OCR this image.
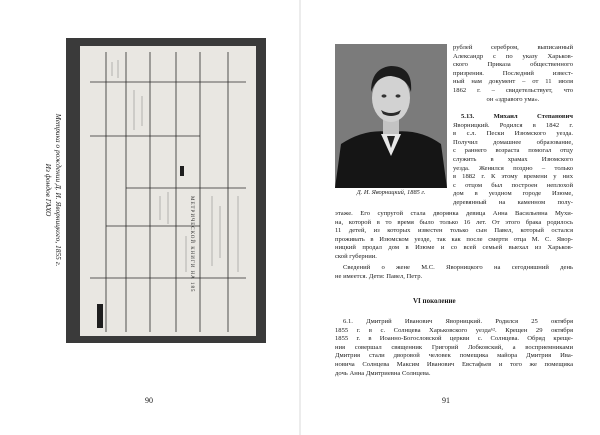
Метрика о рождении Д. И. Яворницкого, 1855 г.
Из фондов ГАХО
МЕТРИЧЕСКОЙ КНИГИ НА 185
90
Д. И. Яворницкий, 1885 г.

рублей серебром, выписанный

Александр с по указу Харьков-

ского Приказа общественного

призрения. Последний извест-

ный нам документ – от 11 июля

1862 г. – свидетельствует, что

он «здравого ума».

5.13. Михаил Степанович

Яворницкий. Родился в 1842 г.

в с.л. Пески Изюмского уезда.

Получил домашнее образование,

с раннего возраста помогал отцу

служить в храмах Изюмского

уезда. Женился поздно – только

в 1882 г. К этому времени у них

с отцом был построен неплохой

дом в уездном городе Изюме,

деревянный на каменном полу-

этаже. Его супругой стала дворянка девица Анна Васильевна Мухи-

на, которой в то время было только 16 лет. От этого брака родилось

11 детей, из которых известен только сын Павел, который остался

проживать в Изюмском уезде, так как после смерти отца М. С. Явор-

ницкий продал дом в Изюме и со всей семьей выехал из Харьков-

ской губернии.

Сведений о жене М.С. Яворницкого на сегодняшний день

не имеется. Дети: Павел, Петр.

VI поколение

6.1. Дмитрий Иванович Яворницкий. Родился 25 октября

1855 г. в с. Солнцева Харьковского уезда⁶². Крещен 29 октября

1855 г. в Иоанно-Богословской церкви с. Солнцева. Обряд креще-

ния совершал священник Григорий Лобковский, а восприемниками

Дмитрия стали дворовой человек помещика майора Дмитрия Ива-

новича Солнцева Максим Иванович Евстафьев и того же помещика

дочь Анна Дмитриевна Солнцева.

91
